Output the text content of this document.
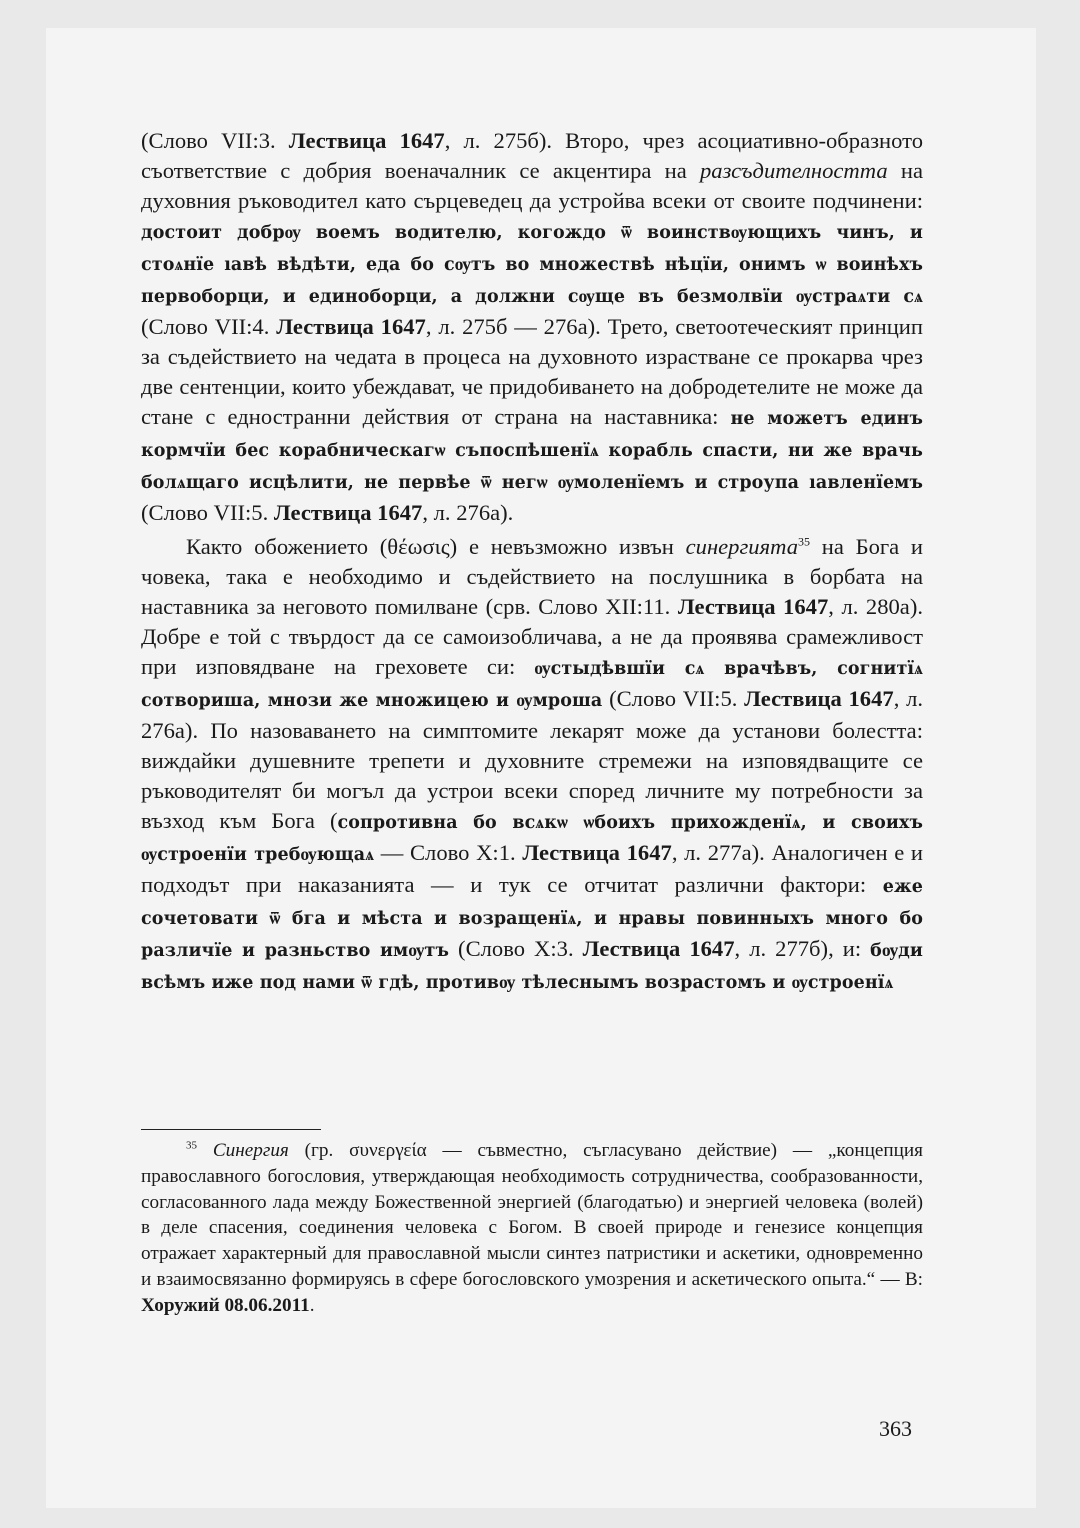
(Слово VII:3. Лествица 1647, л. 275б). Второ, чрез асоциативно-образното съответствие с добрия военачалник се акцентира на разсъдителността на духовния ръководител като сърцеведец да устройва всеки от своите подчинени: достоит добрѹ воемъ водителю, когождо ѿ воинствѹющихъ чинъ, и стоѧнїе ıавѣ вѣдѣти, еда бо сѹтъ во множествѣ нѣцїи, онимъ ѡ воинѣхъ первоборци, и единоборци, а должни сѹще въ безмолвїи ѹстраѧти сѧ (Слово VII:4. Лествица 1647, л. 275б — 276а). Трето, светоотеческият принцип за съдействието на чедата в процеса на духовното израстване се прокарва чрез две сентенции, които убеждават, че придобиването на добродетелите не може да стане с едностранни действия от страна на наставника: не можетъ единъ кормчїи бес корабническагѡ съпоспѣшенїѧ корабль спасти, ни же врачь болѧщаго исцѣлити, не первѣе ѿ негѡ ѹмоленїемъ и строупа ıавленїемъ (Слово VII:5. Лествица 1647, л. 276а).

Както обожението (θέωσις) е невъзможно извън синергията$^{35}$ на Бога и човека, така е необходимо и съдействието на послушника в борбата на наставника за неговото помилване (срв. Слово XII:11. Лествица 1647, л. 280а). Добре е той с твърдост да се самоизобличава, а не да проявява срамежливост при изповядване на греховете си: ѹстыдѣвшїи сѧ врачѣвъ, согнитїѧ сотвориша, мнози же множицею и ѹмроша (Слово VII:5. Лествица 1647, л. 276а). По назоваването на симптомите лекарят може да установи болестта: виждайки душевните трепети и духовните стремежи на изповядващите се ръководителят би могъл да устрои всеки според личните му потребности за възход към Бога (сопротивна бо всѧкѡ ѡбоихъ прихожденїѧ, и своихъ ѹстроенїи требѹющаѧ — Слово X:1. Лествица 1647, л. 277а). Аналогичен е и подходът при наказанията — и тук се отчитат различни фактори: еже сочетовати ѿ бга и мѣста и возращенїѧ, и нравы повинныхъ много бо различїе и разньство имѹтъ (Слово X:3. Лествица 1647, л. 277б), и: бѹди всѣмъ иже под нами ѿ гдѣ, противѹ тѣлеснымъ возрастомъ и ѹстроенїѧ

$^{35}$ Синергия (гр. συνεργεία — съвместно, съгласувано действие) — „концепция православного богословия, утверждающая необходимость сотрудничества, сообразованности, согласованного лада между Божественной энергией (благодатью) и энергией человека (волей) в деле спасения, соединения человека с Богом. В своей природе и генезисе концепция отражает характерный для православной мысли синтез патристики и аскетики, одновременно и взаимосвязанно формируясь в сфере богословского умозрения и аскетического опыта.“ — В: Хоружий 08.06.2011.
363
